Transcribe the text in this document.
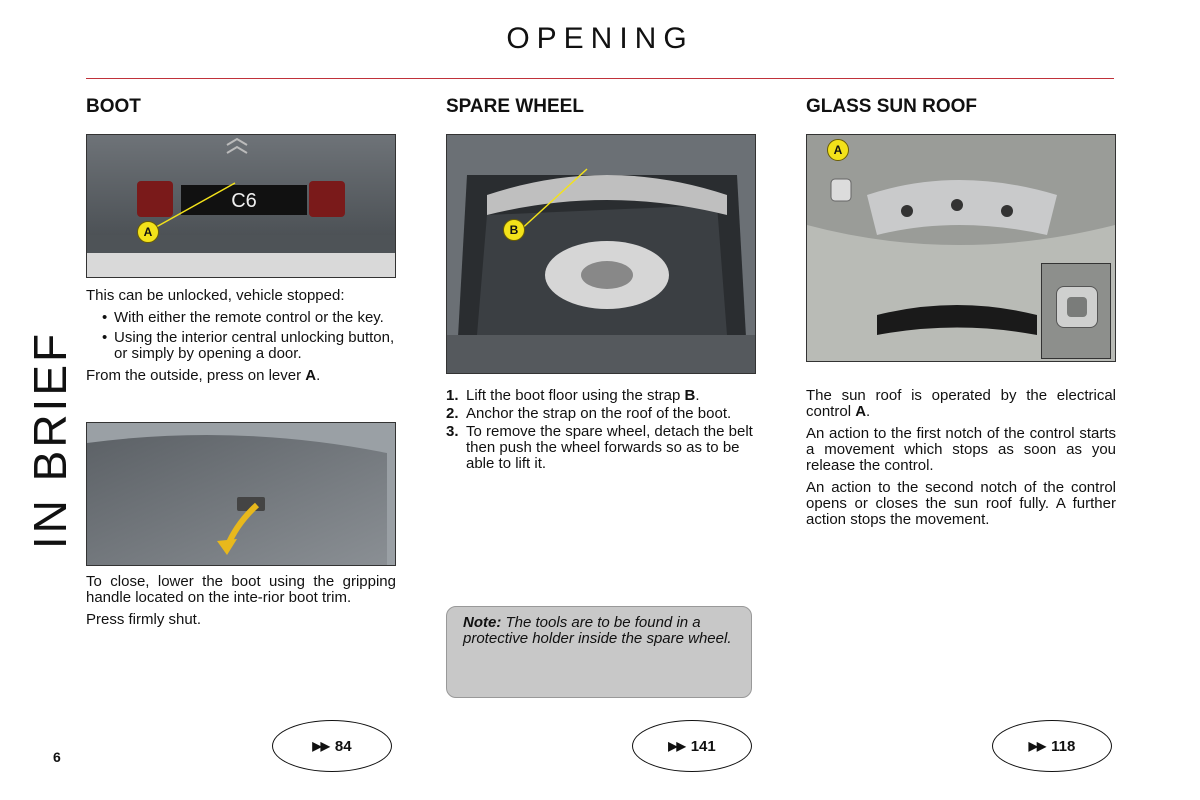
OPENING
IN BRIEF
6
BOOT
C6
A

This can be unlocked, vehicle stopped:

• With either the remote control or the key.
• Using the interior central unlocking button, or simply by opening a door.

From the outside, press on lever A.

To close, lower the boot using the gripping handle located on the inte-rior boot trim.

Press firmly shut.

SPARE WHEEL
B
1. Lift the boot floor using the strap B.
2. Anchor the strap on the roof of the boot.
3. To remove the spare wheel, detach the belt then push the wheel forwards so as to be able to lift it.
Note: The tools are to be found in a protective holder inside the spare wheel.
GLASS SUN ROOF
A

The sun roof is operated by the electrical control A.

An action to the first notch of the control starts a movement which stops as soon as you release the control.

An action to the second notch of the control opens or closes the sun roof fully. A further action stops the movement.

▶▶ 84	▶▶ 141	▶▶ 118
